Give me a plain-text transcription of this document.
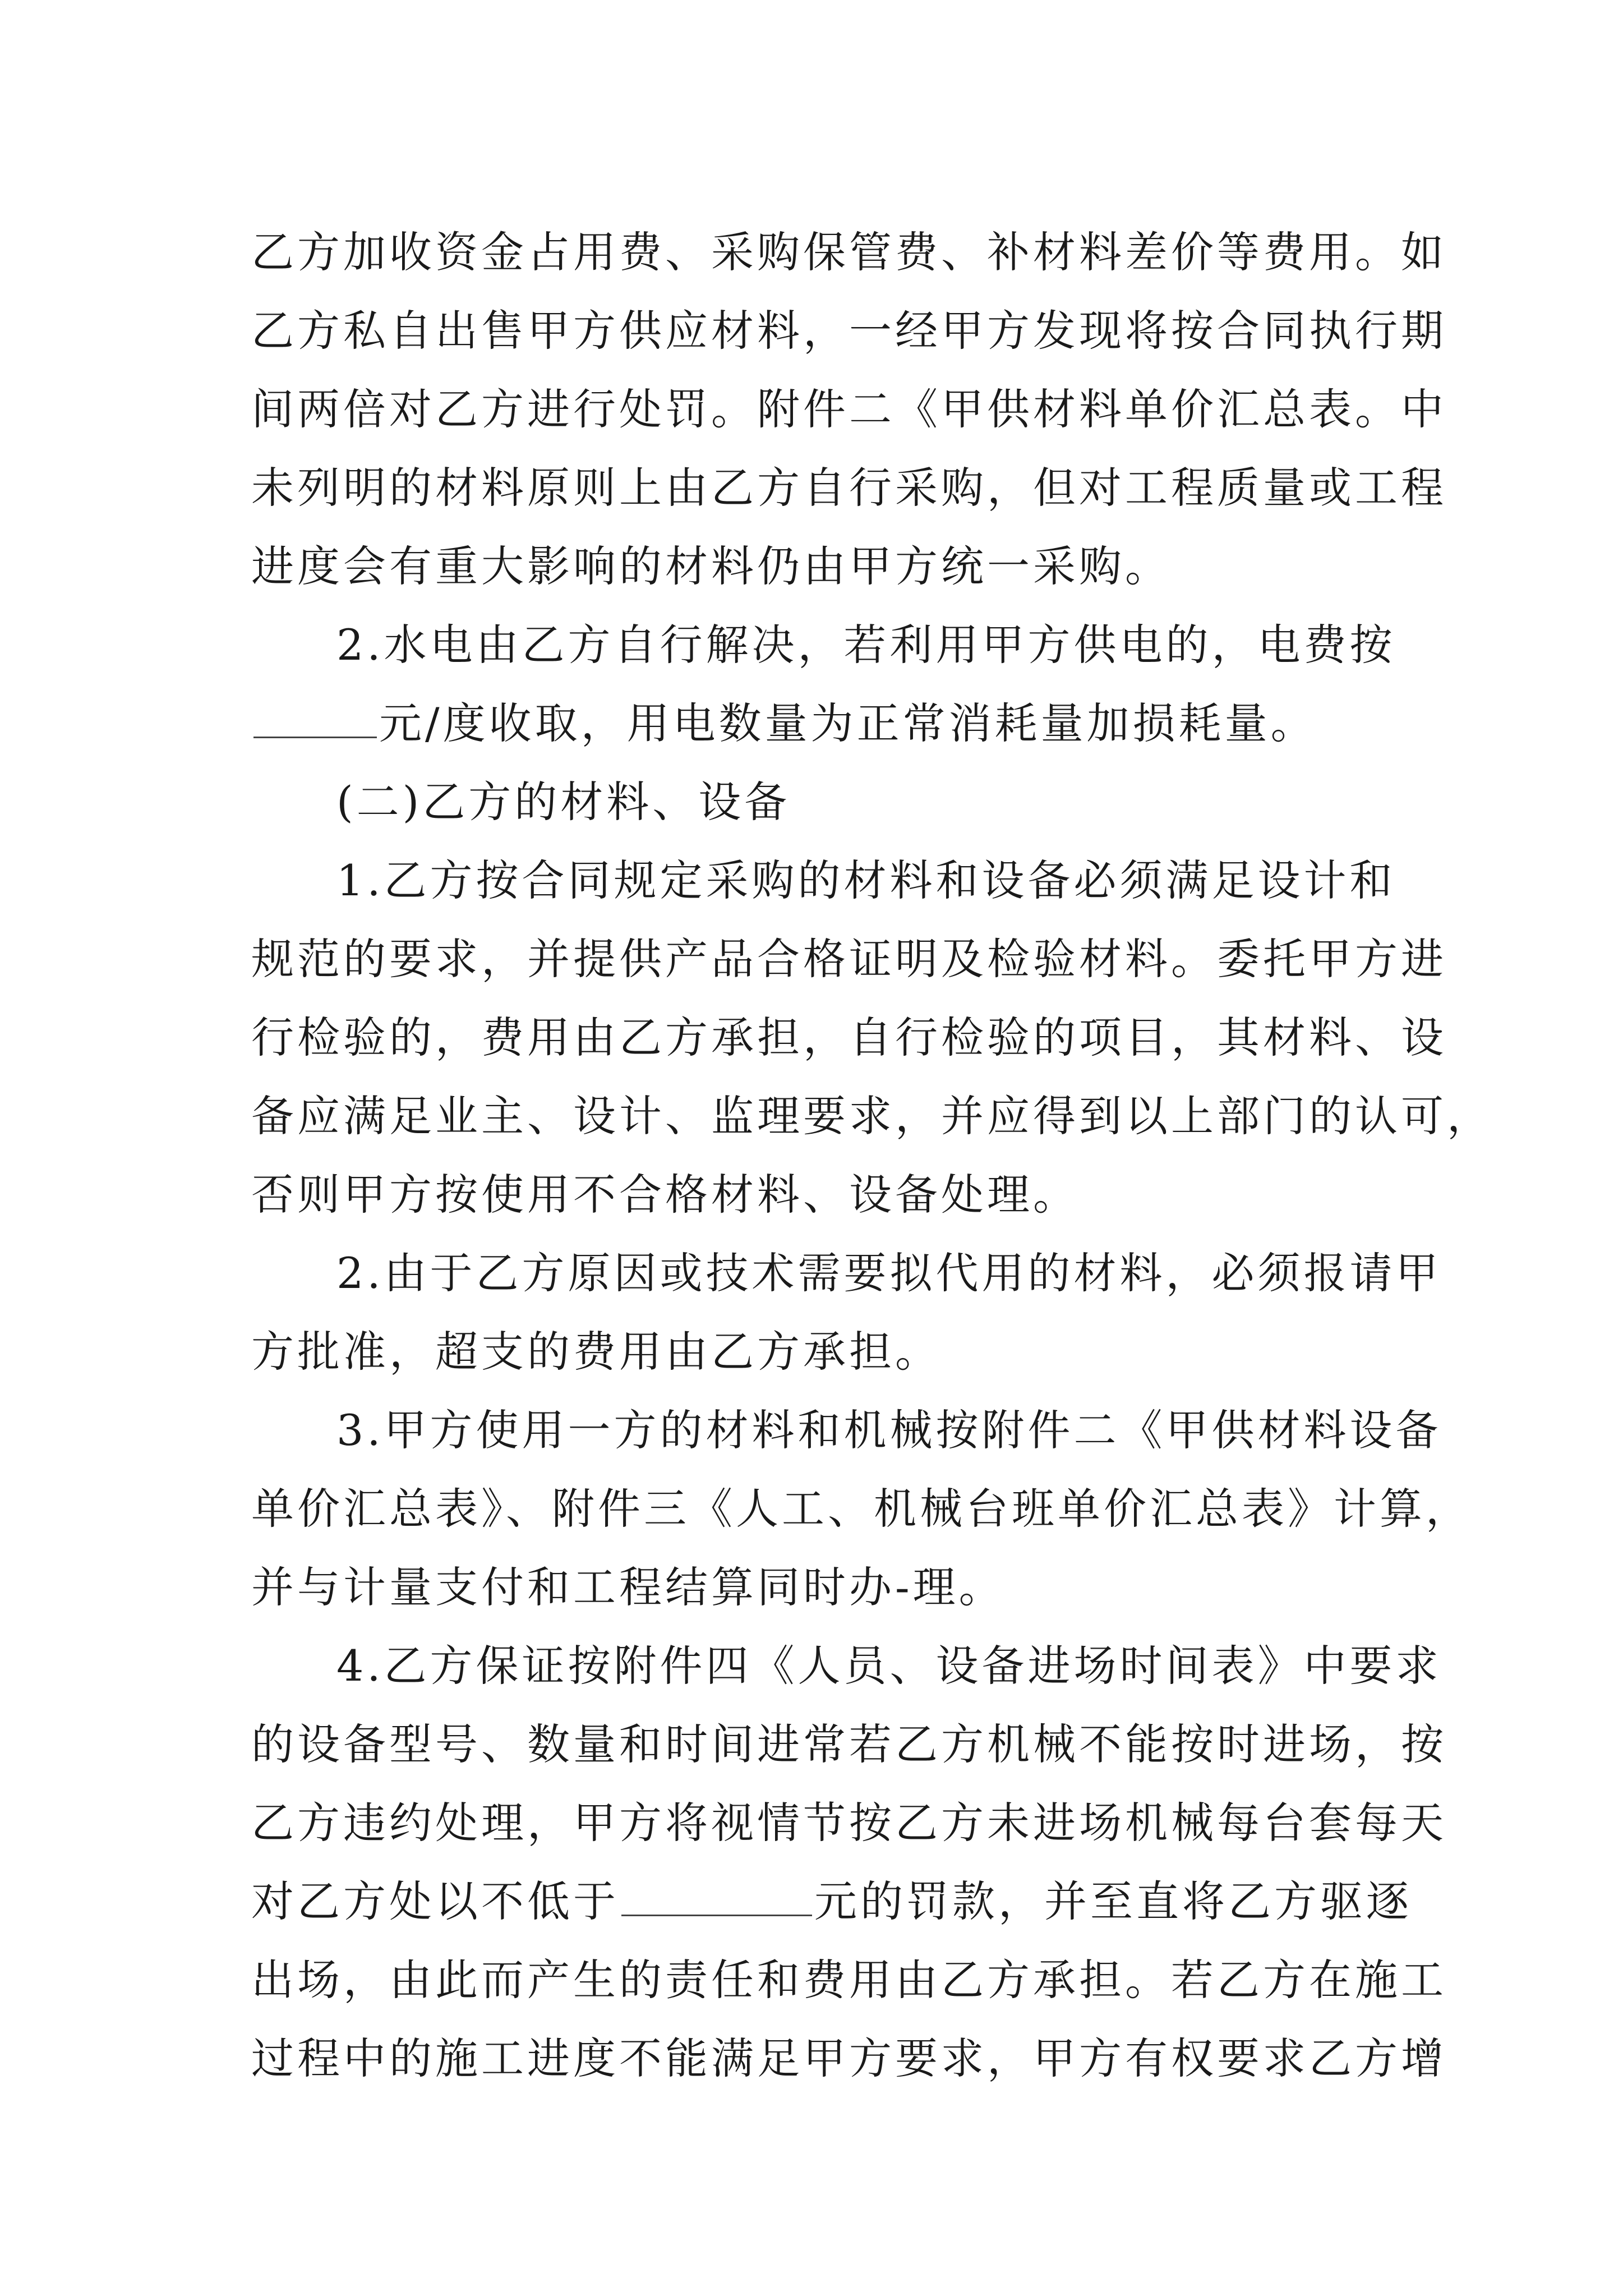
乙方加收资金占用费、采购保管费、补材料差价等费用。如
乙方私自出售甲方供应材料，一经甲方发现将按合同执行期
间两倍对乙方进行处罚。附件二《甲供材料单价汇总表。中
未列明的材料原则上由乙方自行采购，但对工程质量或工程
进度会有重大影响的材料仍由甲方统一采购。
2.水电由乙方自行解决，若利用甲方供电的，电费按
元/度收取，用电数量为正常消耗量加损耗量。
(二)乙方的材料、设备
1.乙方按合同规定采购的材料和设备必须满足设计和
规范的要求，并提供产品合格证明及检验材料。委托甲方进
行检验的，费用由乙方承担，自行检验的项目，其材料、设
备应满足业主、设计、监理要求，并应得到以上部门的认可，
否则甲方按使用不合格材料、设备处理。
2.由于乙方原因或技术需要拟代用的材料，必须报请甲
方批准，超支的费用由乙方承担。
3.甲方使用一方的材料和机械按附件二《甲供材料设备
单价汇总表》、附件三《人工、机械台班单价汇总表》计算，
并与计量支付和工程结算同时办-理。
4.乙方保证按附件四《人员、设备进场时间表》中要求
的设备型号、数量和时间进常若乙方机械不能按时进场，按
乙方违约处理，甲方将视情节按乙方未进场机械每台套每天
对乙方处以不低于	元的罚款，并至直将乙方驱逐
出场，由此而产生的责任和费用由乙方承担。若乙方在施工
过程中的施工进度不能满足甲方要求，甲方有权要求乙方增
